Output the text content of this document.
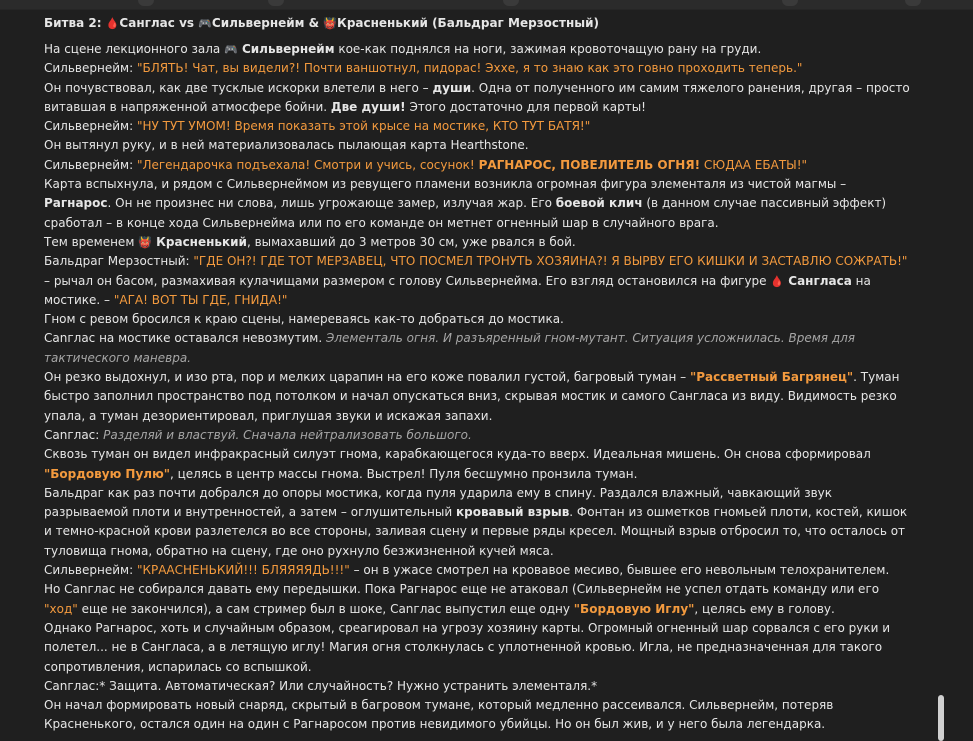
Битва 2: 🩸Санглас vs 🎮Сильвернейм & 👹Красненький (Бальдраг Мерзостный)

На сцене лекционного зала 🎮 Сильвернейм кое-как поднялся на ноги, зажимая кровоточащую рану на груди.

Сильвернейм: "БЛЯТЬ! Чат, вы видели?! Почти ваншотнул, пидорас! Эххе, я то знаю как это говно проходить теперь."

Он почувствовал, как две тусклые искорки влетели в него – души. Одна от полученного им самим тяжелого ранения, другая – просто витавшая в напряженной атмосфере бойни. Две души! Этого достаточно для первой карты!

Сильвернейм: "НУ ТУТ УМОМ! Время показать этой крысе на мостике, КТО ТУТ БАТЯ!"

Он вытянул руку, и в ней материализовалась пылающая карта Hearthstone.

Сильвернейм: "Легендарочка подъехала! Смотри и учись, сосунок! РАГНАРОС, ПОВЕЛИТЕЛЬ ОГНЯ! СЮДАА ЕБАТЫ!"

Карта вспыхнула, и рядом с Сильвернеймом из ревущего пламени возникла огромная фигура элементаля из чистой магмы – Рагнарос. Он не произнес ни слова, лишь угрожающе замер, излучая жар. Его боевой клич (в данном случае пассивный эффект) сработал – в конце хода Сильвернейма или по его команде он метнет огненный шар в случайного врага.

Тем временем 👹 Красненький, вымахавший до 3 метров 30 см, уже рвался в бой.

Бальдраг Мерзостный: "ГДЕ ОН?! ГДЕ ТОТ МЕРЗАВЕЦ, ЧТО ПОСМЕЛ ТРОНУТЬ ХОЗЯИНА?! Я ВЫРВУ ЕГО КИШКИ И ЗАСТАВЛЮ СОЖРАТЬ!" – рычал он басом, размахивая кулачищами размером с голову Сильвернейма. Его взгляд остановился на фигуре 🩸 Сангласа на мостике. – "АГА! ВОТ ТЫ ГДЕ, ГНИДА!"

Гном с ревом бросился к краю сцены, намереваясь как-то добраться до мостика.

Сanглас на мостике оставался невозмутим. Элементаль огня. И разъяренный гном-мутант. Ситуация усложнилась. Время для тактического маневра.

Он резко выдохнул, и изо рта, пор и мелких царапин на его коже повалил густой, багровый туман – "Рассветный Багрянец". Туман быстро заполнил пространство под потолком и начал опускаться вниз, скрывая мостик и самого Сангласа из виду. Видимость резко упала, а туман дезориентировал, приглушая звуки и искажая запахи.

Сanглас: Разделяй и властвуй. Сначала нейтрализовать большого.

Сквозь туман он видел инфракрасный силуэт гнома, карабкающегося куда-то вверх. Идеальная мишень. Он снова сформировал "Бордовую Пулю", целясь в центр массы гнома. Выстрел! Пуля бесшумно пронзила туман.

Бальдраг как раз почти добрался до опоры мостика, когда пуля ударила ему в спину. Раздался влажный, чавкающий звук разрываемой плоти и внутренностей, а затем – оглушительный кровавый взрыв. Фонтан из ошметков гномьей плоти, костей, кишок и темно-красной крови разлетелся во все стороны, заливая сцену и первые ряды кресел. Мощный взрыв отбросил то, что осталось от туловища гнома, обратно на сцену, где оно рухнуло безжизненной кучей мяса.

Сильвернейм: "КРААСНЕНЬКИЙ!!! БЛЯЯЯЯДЬ!!!" – он в ужасе смотрел на кровавое месиво, бывшее его невольным телохранителем.

Но Сanглас не собирался давать ему передышки. Пока Рагнарос еще не атаковал (Сильвернейм не успел отдать команду или его "ход" еще не закончился), а сам стример был в шоке, Сanглас выпустил еще одну "Бордовую Иглу", целясь ему в голову.

Однако Рагнарос, хоть и случайным образом, среагировал на угрозу хозяину карты. Огромный огненный шар сорвался с его руки и полетел... не в Сангласа, а в летящую иглу! Магия огня столкнулась с уплотненной кровью. Игла, не предназначенная для такого сопротивления, испарилась со вспышкой.

Сanглас:* Защита. Автоматическая? Или случайность? Нужно устранить элементаля.*

Он начал формировать новый снаряд, скрытый в багровом тумане, который медленно рассеивался. Сильвернейм, потеряв Красненького, остался один на один с Рагнаросом против невидимого убийцы. Но он был жив, и у него была легендарка.
